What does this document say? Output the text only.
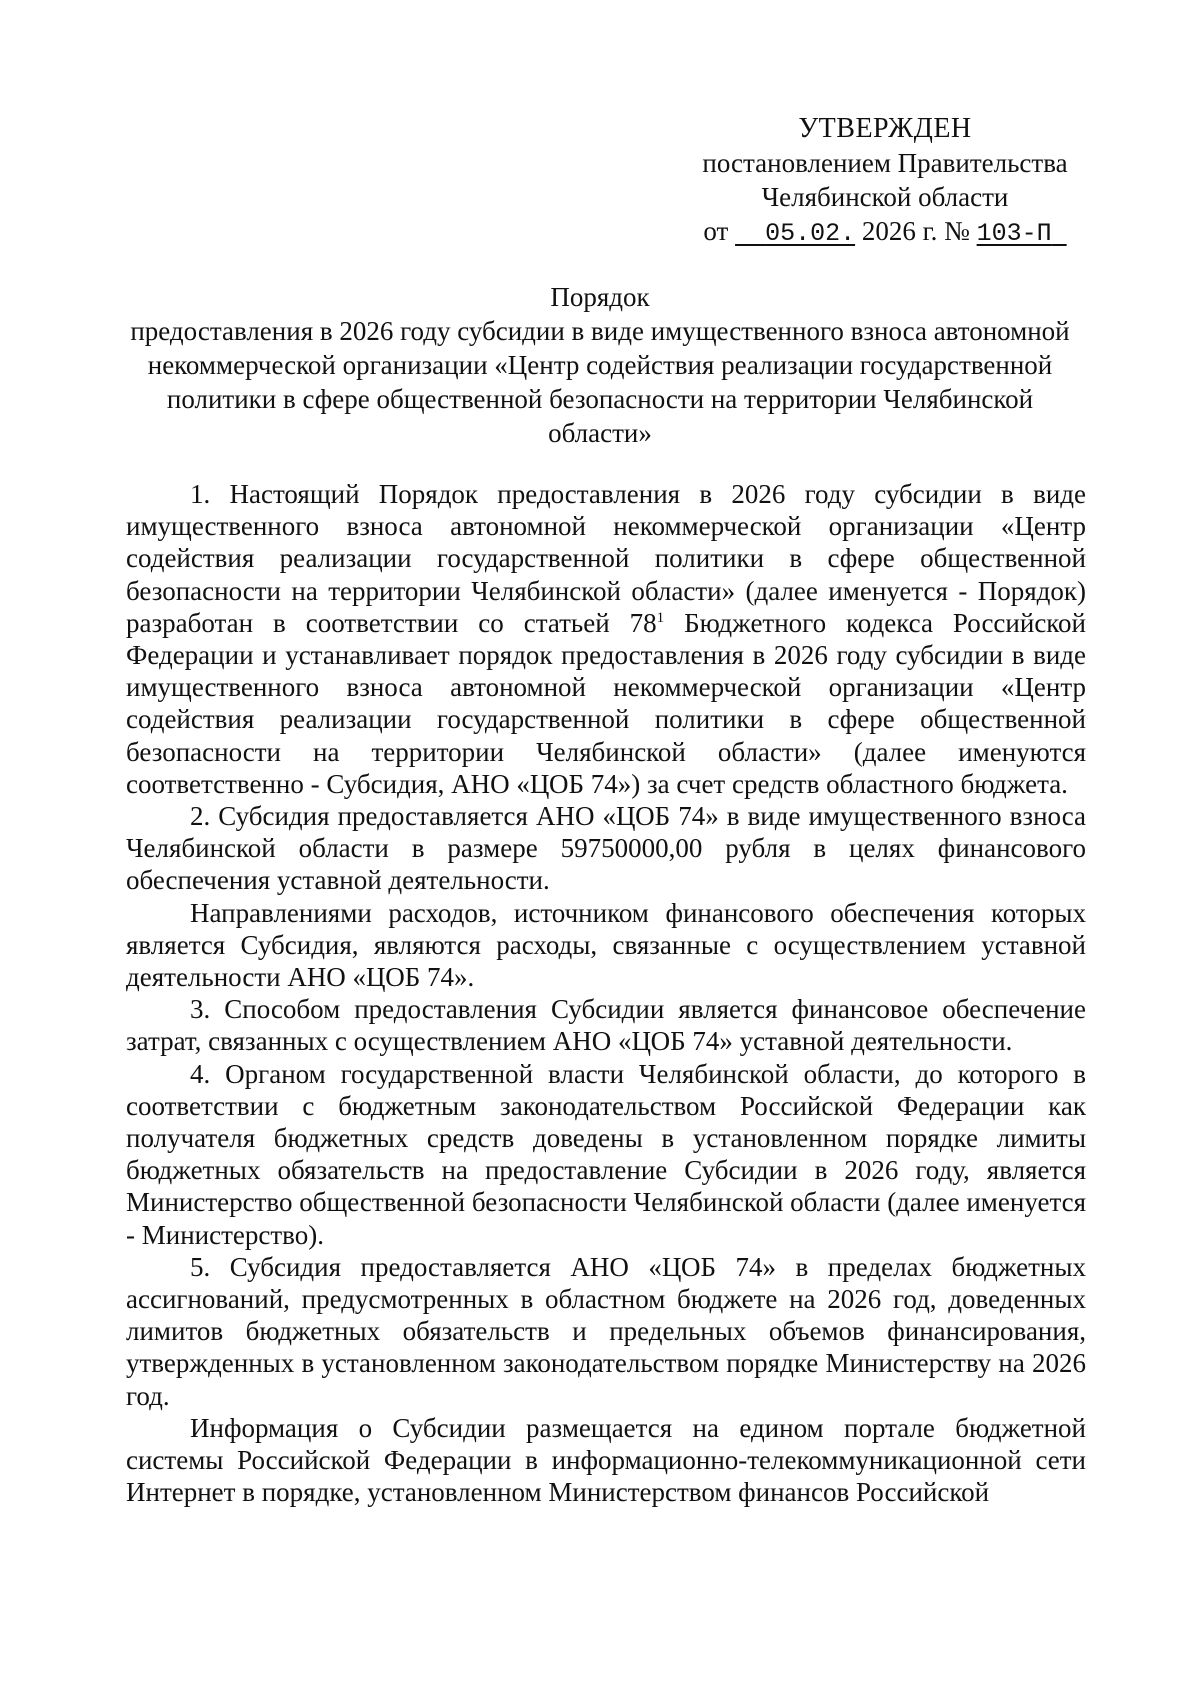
УТВЕРЖДЕН
постановлением Правительства
Челябинской области
от 05.02. 2026 г. № 103-П
Порядок
предоставления в 2026 году субсидии в виде имущественного взноса автономной некоммерческой организации «Центр содействия реализации государственной политики в сфере общественной безопасности на территории Челябинской области»

1. Настоящий Порядок предоставления в 2026 году субсидии в виде имущественного взноса автономной некоммерческой организации «Центр содействия реализации государственной политики в сфере общественной безопасности на территории Челябинской области» (далее именуется - Порядок) разработан в соответствии со статьей $78^1$ Бюджетного кодекса Российской Федерации и устанавливает порядок предоставления в 2026 году субсидии в виде имущественного взноса автономной некоммерческой организации «Центр содействия реализации государственной политики в сфере общественной безопасности на территории Челябинской области» (далее именуются соответственно - Субсидия, АНО «ЦОБ 74») за счет средств областного бюджета.

2. Субсидия предоставляется АНО «ЦОБ 74» в виде имущественного взноса Челябинской области в размере 59750000,00 рубля в целях финансового обеспечения уставной деятельности.

Направлениями расходов, источником финансового обеспечения которых является Субсидия, являются расходы, связанные с осуществлением уставной деятельности АНО «ЦОБ 74».

3. Способом предоставления Субсидии является финансовое обеспечение затрат, связанных с осуществлением АНО «ЦОБ 74» уставной деятельности.

4. Органом государственной власти Челябинской области, до которого в соответствии с бюджетным законодательством Российской Федерации как получателя бюджетных средств доведены в установленном порядке лимиты бюджетных обязательств на предоставление Субсидии в 2026 году, является Министерство общественной безопасности Челябинской области (далее именуется - Министерство).

5. Субсидия предоставляется АНО «ЦОБ 74» в пределах бюджетных ассигнований, предусмотренных в областном бюджете на 2026 год, доведенных лимитов бюджетных обязательств и предельных объемов финансирования, утвержденных в установленном законодательством порядке Министерству на 2026 год.

Информация о Субсидии размещается на едином портале бюджетной системы Российской Федерации в информационно-телекоммуникационной сети Интернет в порядке, установленном Министерством финансов Российской
